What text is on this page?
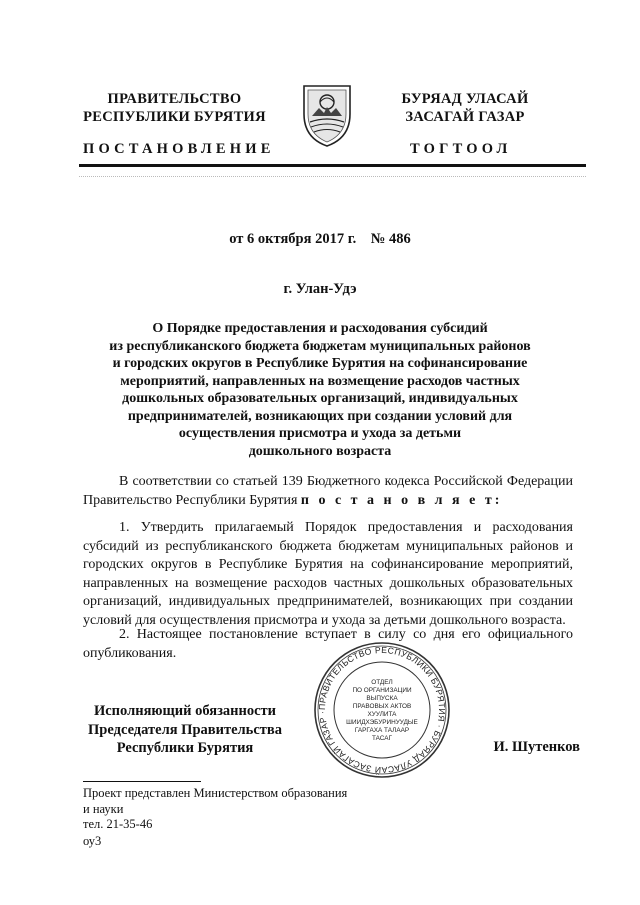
ПРАВИТЕЛЬСТВО
РЕСПУБЛИКИ БУРЯТИЯ
БУРЯАД УЛАСАЙ
ЗАСАГАЙ ГАЗАР
ПОСТАНОВЛЕНИЕ	ТОГТООЛ
от 6 октября 2017 г.    № 486
г. Улан-Удэ
О Порядке предоставления и расходования субсидий
из республиканского бюджета бюджетам муниципальных районов
и городских округов в Республике Бурятия на софинансирование
мероприятий, направленных на возмещение расходов частных
дошкольных образовательных организаций, индивидуальных
предпринимателей, возникающих при создании условий для
осуществления присмотра и ухода за детьми
дошкольного возраста
В соответствии со статьей 139 Бюджетного кодекса Российской Федерации Правительство Республики Бурятия п о с т а н о в л я е т:
1. Утвердить прилагаемый Порядок предоставления и расходования субсидий из республиканского бюджета бюджетам муниципальных районов и городских округов в Республике Бурятия на софинансирование мероприятий, направленных на возмещение расходов частных дошкольных образовательных организаций, индивидуальных предпринимателей, возникающих при создании условий для осуществления присмотра и ухода за детьми дошкольного возраста.
2. Настоящее постановление вступает в силу со дня его официального опубликования.
Исполняющий обязанности
Председателя Правительства
Республики Бурятия
ПРАВИТЕЛЬСТВО РЕСПУБЛИКИ БУРЯТИЯ · БУРЯАД УЛАСАЙ ЗАСАГАЙ ГАЗАР ·
ОТДЕЛ
ПО ОРГАНИЗАЦИИ
ВЫПУСКА
ПРАВОВЫХ АКТОВ
ХУУЛИТА
ШИИДХЭБУРИНУУДЫЕ
ГАРГАХА ТАЛААР
ТАСАГ
И. Шутенков
Проект представлен Министерством образования
и науки
тел. 21-35-46
оу3
